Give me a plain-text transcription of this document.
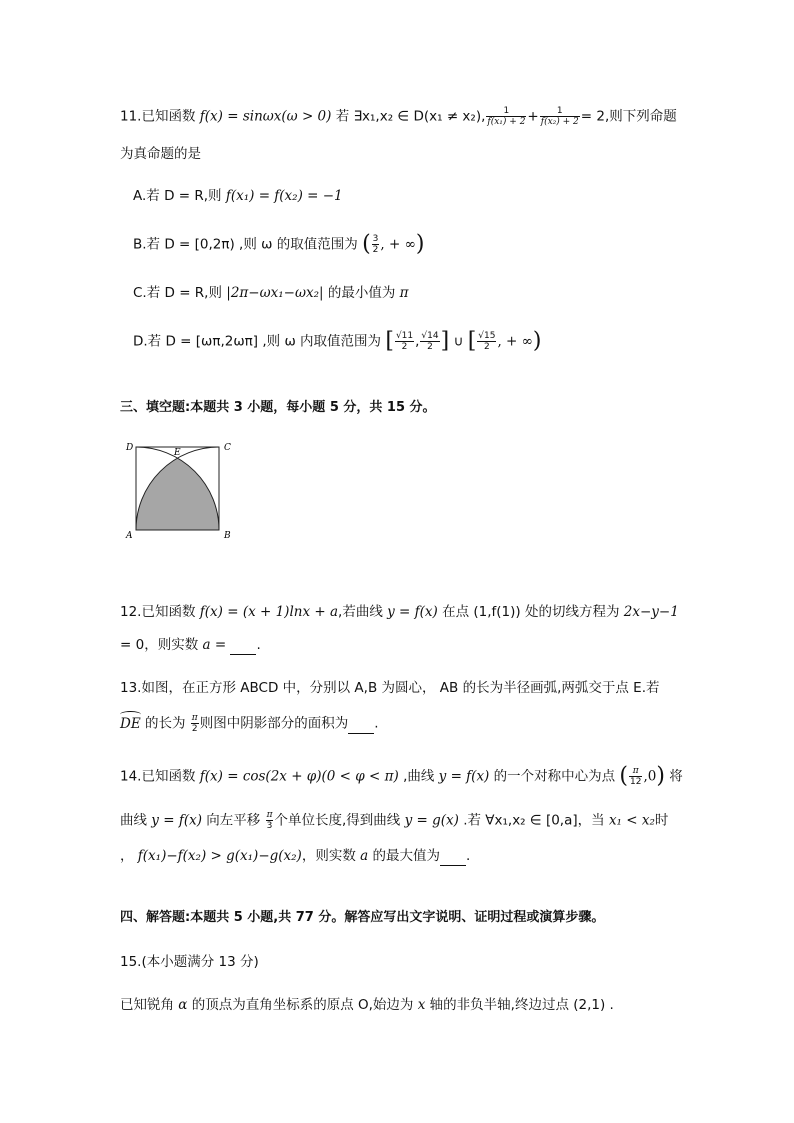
11.已知函数 f(x) = sinωx(ω > 0) 若 ∃x₁,x₂ ∈ D(x₁ ≠ x₂), $\frac{1}{\text{f(x₁) + 2}} + \frac{1}{\text{f(x₂) + 2}} = 2$,则下列命题
为真命题的是
A.若 D = R,则 f(x₁) = f(x₂) = −1
B.若 D = [0,2π) ,则 ω 的取值范围为 ( $\frac{3}{2}$ , + ∞)
C.若 D = R,则 |2π−ωx₁−ωx₂| 的最小值为 π
D.若 D = [ωπ,2ωπ] ,则 ω 内取值范围为 [ $\frac{√11}{2}$ , $\frac{√14}{2}$ ] ∪ [ $\frac{√15}{2}$ , + ∞)
三、填空题:本题共 3 小题，每小题 5 分，共 15 分。
A	B
C
D	E
12.已知函数 f(x) = (x + 1)lnx + a,若曲线 y = f(x) 在点 (1,f(1)) 处的切线方程为 2x−y−1
= 0，则实数 a = .
13.如图，在正方形 ABCD 中，分别以 A,B 为圆心， AB 的长为半径画弧,两弧交于点 E.若
DE 的长为 $\frac{\pi}{2}$ 则图中阴影部分的面积为 .
14.已知函数 f(x) = cos(2x + φ)(0 < φ < π) ,曲线 y = f(x) 的一个对称中心为点 ( $\frac{\pi}{12} ,0$) 将
曲线 y = f(x) 向左平移 $\frac{\pi}{3}$ 个单位长度,得到曲线 y = g(x) .若 ∀x₁,x₂ ∈ [0,a]，当 x₁ < x₂时
， f(x₁)−f(x₂) > g(x₁)−g(x₂)，则实数 a 的最大值为 .
四、解答题:本题共 5 小题,共 77 分。解答应写出文字说明、证明过程或演算步骤。
15.(本小题满分 13 分)
已知锐角 α 的顶点为直角坐标系的原点 O,始边为 x 轴的非负半轴,终边过点 (2,1) .
